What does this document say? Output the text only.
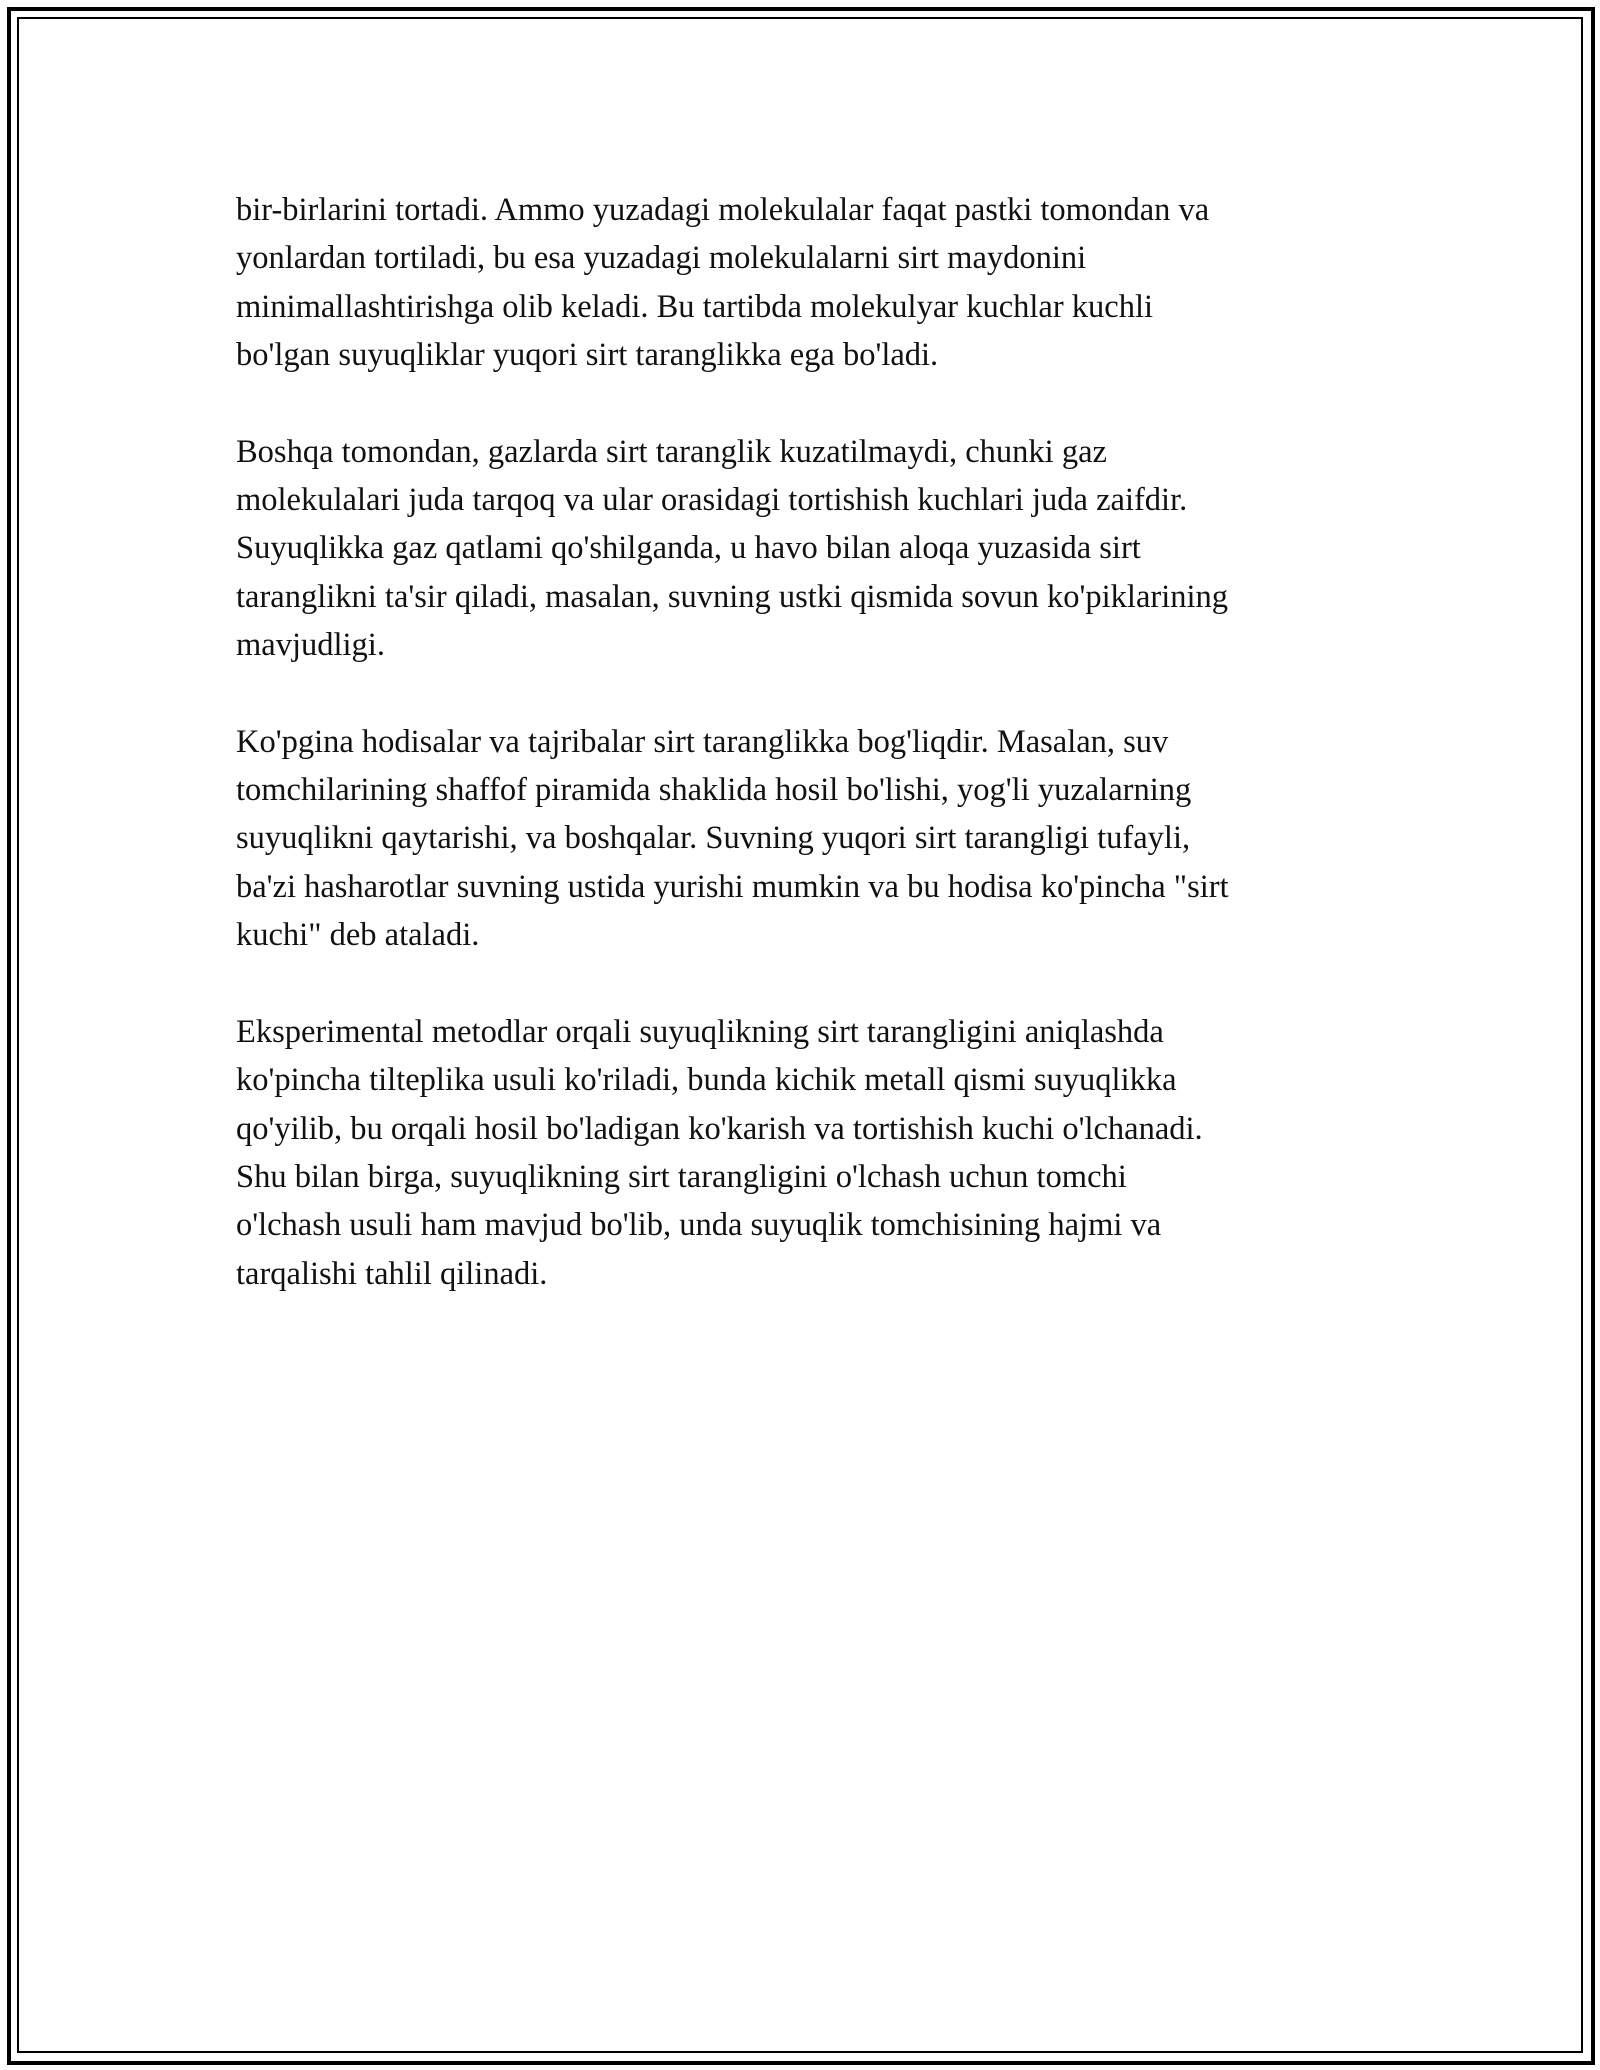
bir-birlarini tortadi. Ammo yuzadagi molekulalar faqat pastki tomondan va
yonlardan tortiladi, bu esa yuzadagi molekulalarni sirt maydonini
minimallashtirishga olib keladi. Bu tartibda molekulyar kuchlar kuchli
bo'lgan suyuqliklar yuqori sirt taranglikka ega bo'ladi.

Boshqa tomondan, gazlarda sirt taranglik kuzatilmaydi, chunki gaz
molekulalari juda tarqoq va ular orasidagi tortishish kuchlari juda zaifdir.
Suyuqlikka gaz qatlami qo'shilganda, u havo bilan aloqa yuzasida sirt
taranglikni ta'sir qiladi, masalan, suvning ustki qismida sovun ko'piklarining
mavjudligi.

Ko'pgina hodisalar va tajribalar sirt taranglikka bog'liqdir. Masalan, suv
tomchilarining shaffof piramida shaklida hosil bo'lishi, yog'li yuzalarning
suyuqlikni qaytarishi, va boshqalar. Suvning yuqori sirt tarangligi tufayli,
ba'zi hasharotlar suvning ustida yurishi mumkin va bu hodisa ko'pincha "sirt
kuchi" deb ataladi.

Eksperimental metodlar orqali suyuqlikning sirt tarangligini aniqlashda
ko'pincha tilteplika usuli ko'riladi, bunda kichik metall qismi suyuqlikka
qo'yilib, bu orqali hosil bo'ladigan ko'karish va tortishish kuchi o'lchanadi.
Shu bilan birga, suyuqlikning sirt tarangligini o'lchash uchun tomchi
o'lchash usuli ham mavjud bo'lib, unda suyuqlik tomchisining hajmi va
tarqalishi tahlil qilinadi.
